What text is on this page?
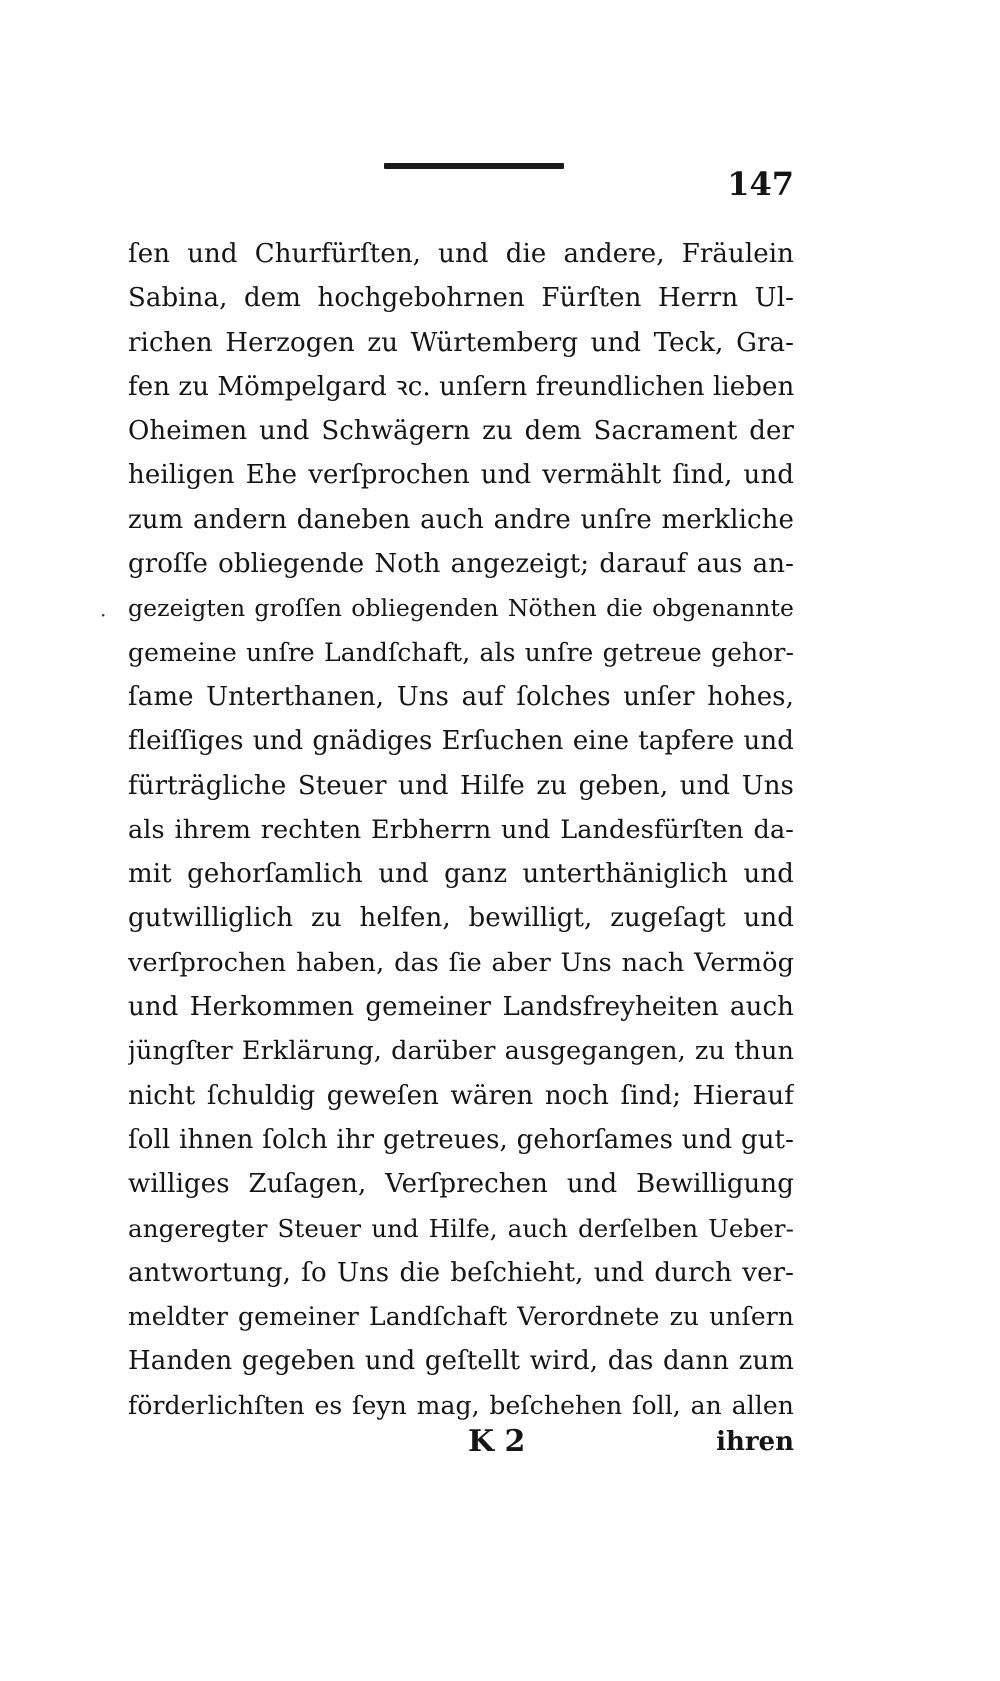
147
·
ſen und Churfürſten, und die andere, Fräulein
Sabina, dem hochgebohrnen Fürſten Herrn Ul-
richen Herzogen zu Würtemberg und Teck, Gra-
fen zu Mömpelgard ꝛc. unſern freundlichen lieben
Oheimen und Schwägern zu dem Sacrament der
heiligen Ehe verſprochen und vermählt ſind, und
zum andern daneben auch andre unſre merkliche
groſſe obliegende Noth angezeigt; darauf aus an-
gezeigten groſſen obliegenden Nöthen die obgenannte
gemeine unſre Landſchaft, als unſre getreue gehor-
ſame Unterthanen, Uns auf ſolches unſer hohes,
fleiſſiges und gnädiges Erſuchen eine tapfere und
fürträgliche Steuer und Hilfe zu geben, und Uns
als ihrem rechten Erbherrn und Landesfürſten da-
mit gehorſamlich und ganz unterthäniglich und
gutwilliglich zu helfen, bewilligt, zugeſagt und
verſprochen haben, das ſie aber Uns nach Vermög
und Herkommen gemeiner Landsfreyheiten auch
jüngſter Erklärung, darüber ausgegangen, zu thun
nicht ſchuldig geweſen wären noch ſind; Hierauf
ſoll ihnen ſolch ihr getreues, gehorſames und gut-
williges Zuſagen, Verſprechen und Bewilligung
angeregter Steuer und Hilfe, auch derſelben Ueber-
antwortung, ſo Uns die beſchieht, und durch ver-
meldter gemeiner Landſchaft Verordnete zu unſern
Handen gegeben und geſtellt wird, das dann zum
förderlichſten es ſeyn mag, beſchehen ſoll, an allen
K 2	ihren
